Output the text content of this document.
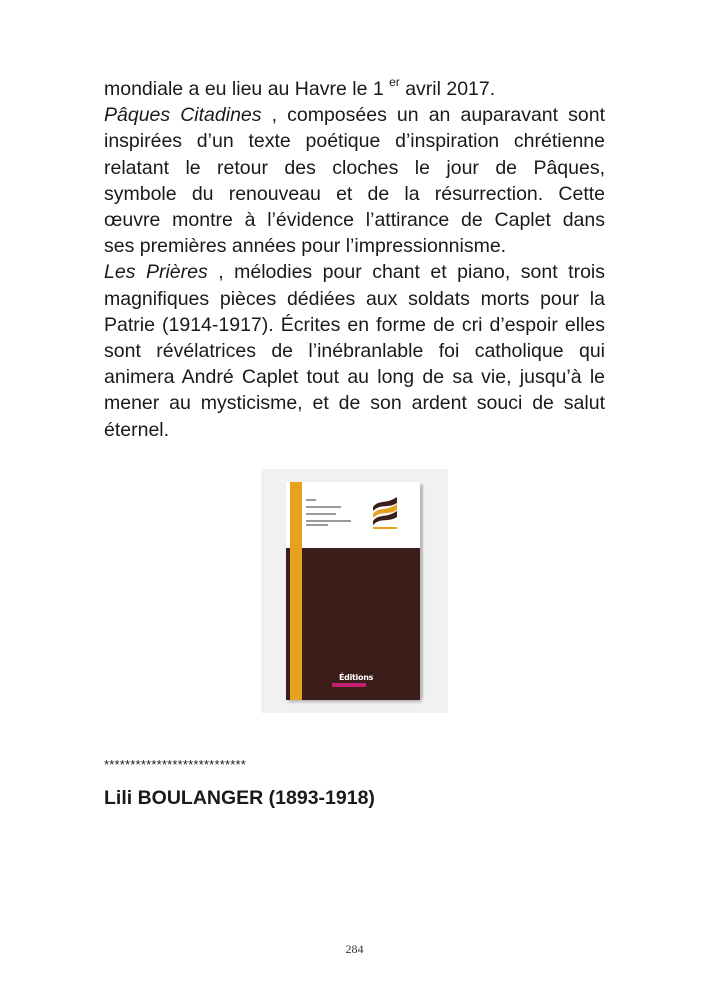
mondiale a eu lieu au Havre le 1 $^{er}$ avril 2017.

Pâques Citadines , composées un an auparavant sont
inspirées d’un texte poétique d’inspiration chrétienne
relatant le retour des cloches le jour de Pâques,
symbole du renouveau et de la résurrection. Cette
œuvre montre à l’évidence l’attirance de Caplet dans
ses premières années pour l’impressionnisme.

Les Prières , mélodies pour chant et piano, sont trois
magnifiques pièces dédiées aux soldats morts pour la
Patrie (1914-1917). Écrites en forme de cri d’espoir elles
sont révélatrices de l’inébranlable foi catholique qui
animera André Caplet tout au long de sa vie, jusqu’à le
mener au mysticisme, et de son ardent souci de salut
éternel.

Éditions
***************************
Lili BOULANGER (1893-1918)
284
